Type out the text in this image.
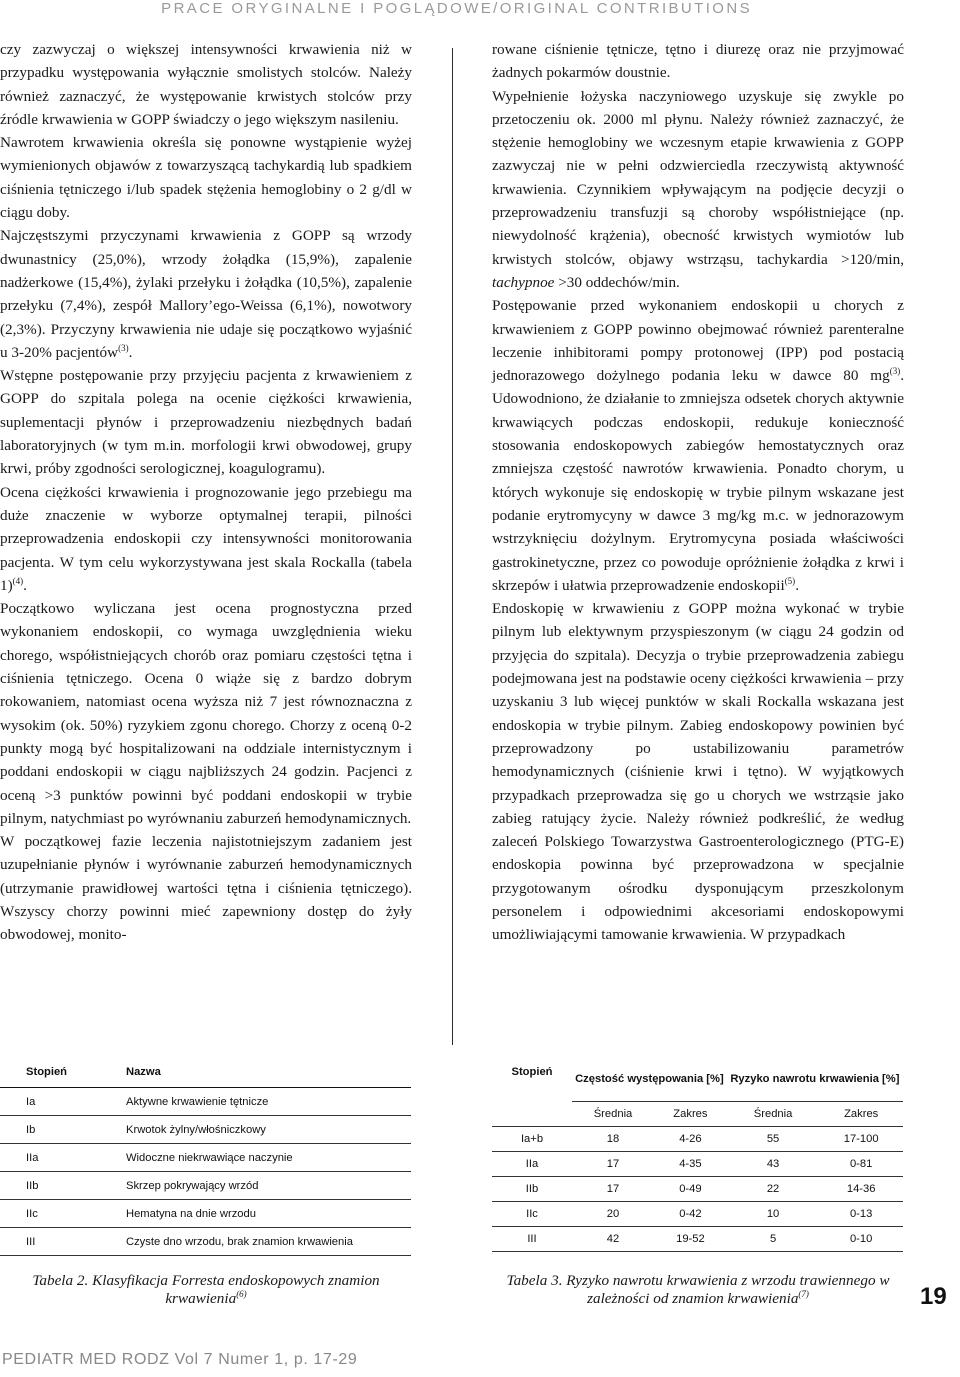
PRACE ORYGINALNE I POGLĄDOWE/ORIGINAL CONTRIBUTIONS

czy zazwyczaj o większej intensywności krwawienia niż w przypadku występowania wyłącznie smolistych stolców. Należy również zaznaczyć, że występowanie krwistych stolców przy źródle krwawienia w GOPP świadczy o jego większym nasileniu.

Nawrotem krwawienia określa się ponowne wystąpienie wyżej wymienionych objawów z towarzyszącą tachykardią lub spadkiem ciśnienia tętniczego i/lub spadek stężenia hemoglobiny o 2 g/dl w ciągu doby.

Najczęstszymi przyczynami krwawienia z GOPP są wrzody dwunastnicy (25,0%), wrzody żołądka (15,9%), zapalenie nadżerkowe (15,4%), żylaki przełyku i żołądka (10,5%), zapalenie przełyku (7,4%), zespół Mallory’ego-Weissa (6,1%), nowotwory (2,3%). Przyczyny krwawienia nie udaje się początkowo wyjaśnić u 3-20% pacjentów$^{(3)}$.

Wstępne postępowanie przy przyjęciu pacjenta z krwawieniem z GOPP do szpitala polega na ocenie ciężkości krwawienia, suplementacji płynów i przeprowadzeniu niezbędnych badań laboratoryjnych (w tym m.in. morfologii krwi obwodowej, grupy krwi, próby zgodności serologicznej, koagulogramu).

Ocena ciężkości krwawienia i prognozowanie jego przebiegu ma duże znaczenie w wyborze optymalnej terapii, pilności przeprowadzenia endoskopii czy intensywności monitorowania pacjenta. W tym celu wykorzystywana jest skala Rockalla (tabela 1)$^{(4)}$.

Początkowo wyliczana jest ocena prognostyczna przed wykonaniem endoskopii, co wymaga uwzględnienia wieku chorego, współistniejących chorób oraz pomiaru częstości tętna i ciśnienia tętniczego. Ocena 0 wiąże się z bardzo dobrym rokowaniem, natomiast ocena wyższa niż 7 jest równoznaczna z wysokim (ok. 50%) ryzykiem zgonu chorego. Chorzy z oceną 0-2 punkty mogą być hospitalizowani na oddziale internistycznym i poddani endoskopii w ciągu najbliższych 24 godzin. Pacjenci z oceną >3 punktów powinni być poddani endoskopii w trybie pilnym, natychmiast po wyrównaniu zaburzeń hemodynamicznych.

W początkowej fazie leczenia najistotniejszym zadaniem jest uzupełnianie płynów i wyrównanie zaburzeń hemodynamicznych (utrzymanie prawidłowej wartości tętna i ciśnienia tętniczego). Wszyscy chorzy powinni mieć zapewniony dostęp do żyły obwodowej, monito-

rowane ciśnienie tętnicze, tętno i diurezę oraz nie przyjmować żadnych pokarmów doustnie.

Wypełnienie łożyska naczyniowego uzyskuje się zwykle po przetoczeniu ok. 2000 ml płynu. Należy również zaznaczyć, że stężenie hemoglobiny we wczesnym etapie krwawienia z GOPP zazwyczaj nie w pełni odzwierciedla rzeczywistą aktywność krwawienia. Czynnikiem wpływającym na podjęcie decyzji o przeprowadzeniu transfuzji są choroby współistniejące (np. niewydolność krążenia), obecność krwistych wymiotów lub krwistych stolców, objawy wstrząsu, tachykardia >120/min, tachypnoe >30 oddechów/min.

Postępowanie przed wykonaniem endoskopii u chorych z krwawieniem z GOPP powinno obejmować również parenteralne leczenie inhibitorami pompy protonowej (IPP) pod postacią jednorazowego dożylnego podania leku w dawce 80 $mg^{(3)}$. Udowodniono, że działanie to zmniejsza odsetek chorych aktywnie krwawiących podczas endoskopii, redukuje konieczność stosowania endoskopowych zabiegów hemostatycznych oraz zmniejsza częstość nawrotów krwawienia. Ponadto chorym, u których wykonuje się endoskopię w trybie pilnym wskazane jest podanie erytromycyny w dawce 3 mg/kg m.c. w jednorazowym wstrzyknięciu dożylnym. Erytromycyna posiada właściwości gastrokinetyczne, przez co powoduje opróżnienie żołądka z krwi i skrzepów i ułatwia przeprowadzenie endoskopii$^{(5)}$.

Endoskopię w krwawieniu z GOPP można wykonać w trybie pilnym lub elektywnym przyspieszonym (w ciągu 24 godzin od przyjęcia do szpitala). Decyzja o trybie przeprowadzenia zabiegu podejmowana jest na podstawie oceny ciężkości krwawienia – przy uzyskaniu 3 lub więcej punktów w skali Rockalla wskazana jest endoskopia w trybie pilnym. Zabieg endoskopowy powinien być przeprowadzony po ustabilizowaniu parametrów hemodynamicznych (ciśnienie krwi i tętno). W wyjątkowych przypadkach przeprowadza się go u chorych we wstrząsie jako zabieg ratujący życie. Należy również podkreślić, że według zaleceń Polskiego Towarzystwa Gastroenterologicznego (PTG-E) endoskopia powinna być przeprowadzona w specjalnie przygotowanym ośrodku dysponującym przeszkolonym personelem i odpowiednimi akcesoriami endoskopowymi umożliwiającymi tamowanie krwawienia. W przypadkach

Stopień	Nazwa
Ia	Aktywne krwawienie tętnicze
Ib	Krwotok żylny/włośniczkowy
IIa	Widoczne niekrwawiące naczynie
IIb	Skrzep pokrywający wrzód
IIc	Hematyna na dnie wrzodu
III	Czyste dno wrzodu, brak znamion krwawienia
Stopień	Częstość występowania [%]		Ryzyko nawrotu krwawienia [%]	
	Średnia	Zakres	Średnia	Zakres
Ia+b	18	4-26	55	17-100
IIa	17	4-35	43	0-81
IIb	17	0-49	22	14-36
IIc	20	0-42	10	0-13
III	42	19-52	5	0-10
Tabela 2. Klasyfikacja Forresta endoskopowych znamion krwawienia$^{(6)}$
Tabela 3. Ryzyko nawrotu krwawienia z wrzodu trawiennego w zależności od znamion krwawienia$^{(7)}$	19
PEDIATR MED RODZ Vol 7 Numer 1, p. 17-29
